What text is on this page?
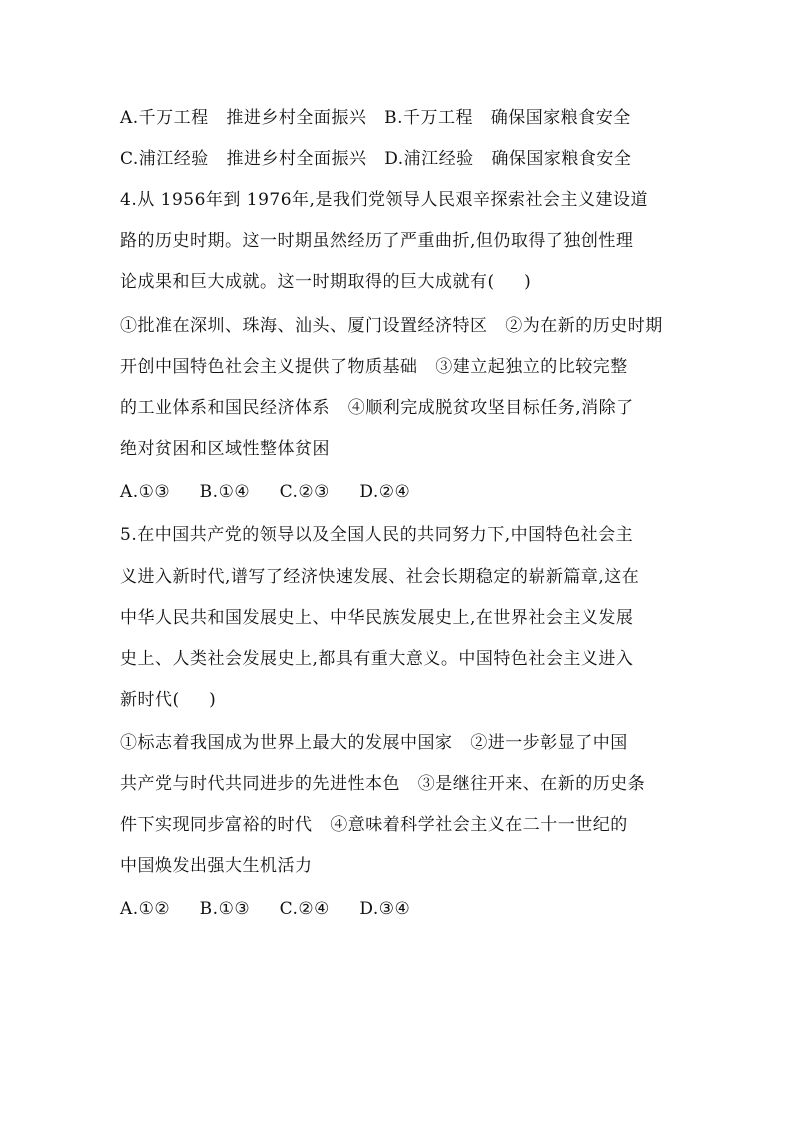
A.千万工程   推进乡村全面振兴   B.千万工程   确保国家粮食安全
C.浦江经验   推进乡村全面振兴   D.浦江经验   确保国家粮食安全
4.从 1956年到 1976年,是我们党领导人民艰辛探索社会主义建设道
路的历史时期。这一时期虽然经历了严重曲折,但仍取得了独创性理
论成果和巨大成就。这一时期取得的巨大成就有(     )
①批准在深圳、珠海、汕头、厦门设置经济特区   ②为在新的历史时期
开创中国特色社会主义提供了物质基础   ③建立起独立的比较完整
的工业体系和国民经济体系   ④顺利完成脱贫攻坚目标任务,消除了
绝对贫困和区域性整体贫困
A.①③     B.①④     C.②③     D.②④
5.在中国共产党的领导以及全国人民的共同努力下,中国特色社会主
义进入新时代,谱写了经济快速发展、社会长期稳定的崭新篇章,这在
中华人民共和国发展史上、中华民族发展史上,在世界社会主义发展
史上、人类社会发展史上,都具有重大意义。中国特色社会主义进入
新时代(     )
①标志着我国成为世界上最大的发展中国家   ②进一步彰显了中国
共产党与时代共同进步的先进性本色   ③是继往开来、在新的历史条
件下实现同步富裕的时代   ④意味着科学社会主义在二十一世纪的
中国焕发出强大生机活力
A.①②     B.①③     C.②④     D.③④
